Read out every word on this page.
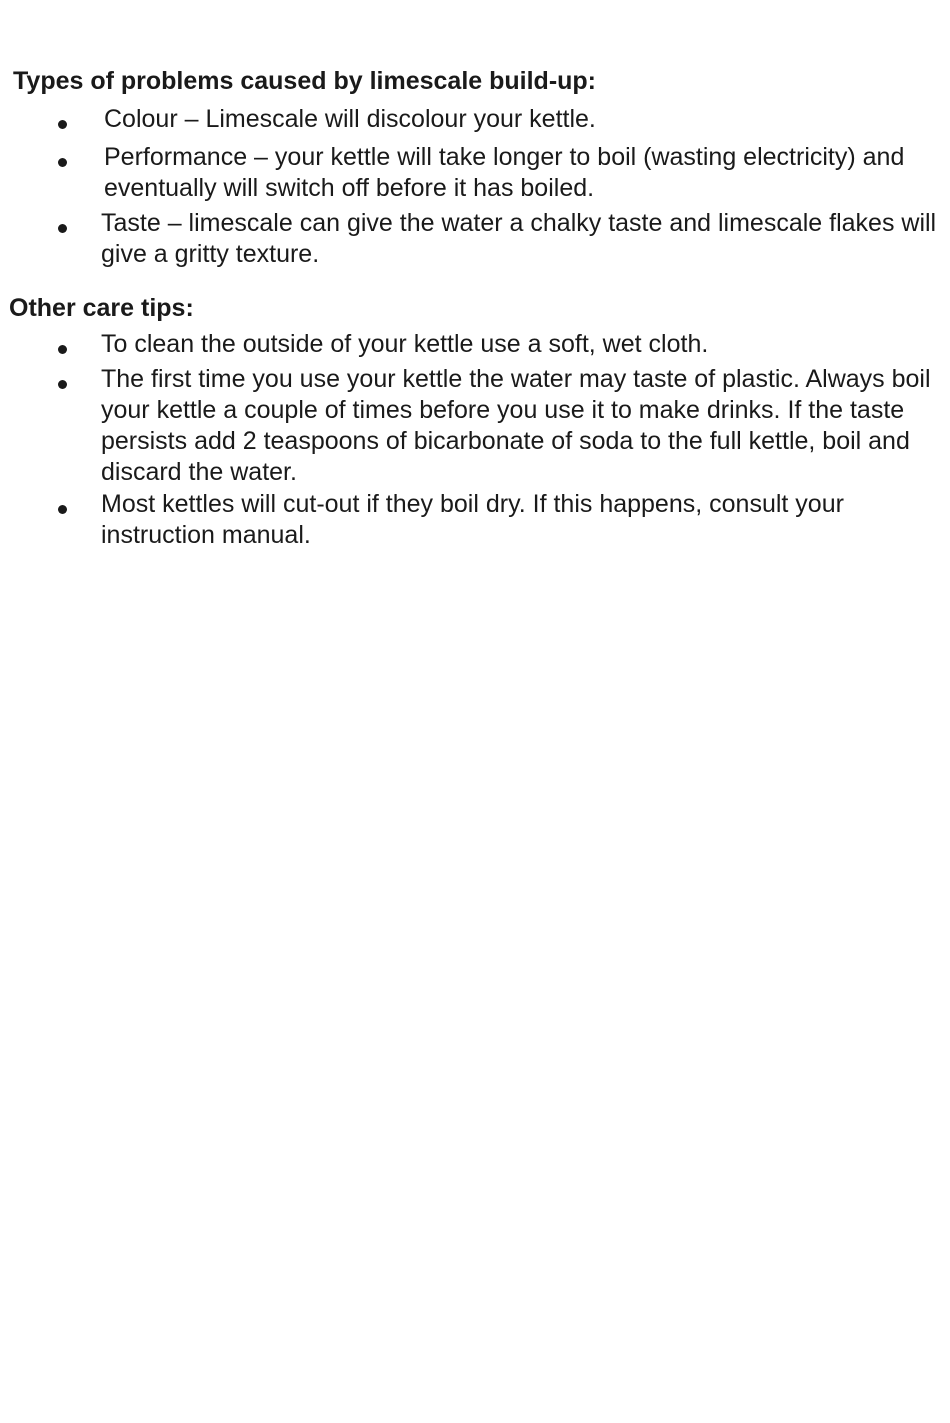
Types of problems caused by limescale build-up:

Colour – Limescale will discolour your kettle.

Performance – your kettle will take longer to boil (wasting electricity) and eventually will switch off before it has boiled.

Taste – limescale can give the water a chalky taste and limescale flakes will give a gritty texture.

Other care tips:

To clean the outside of your kettle use a soft, wet cloth.

The first time you use your kettle the water may taste of plastic. Always boil your kettle a couple of times before you use it to make drinks. If the taste persists add 2 teaspoons of bicarbonate of soda to the full kettle, boil and discard the water.

Most kettles will cut-out if they boil dry. If this happens, consult your instruction manual.
